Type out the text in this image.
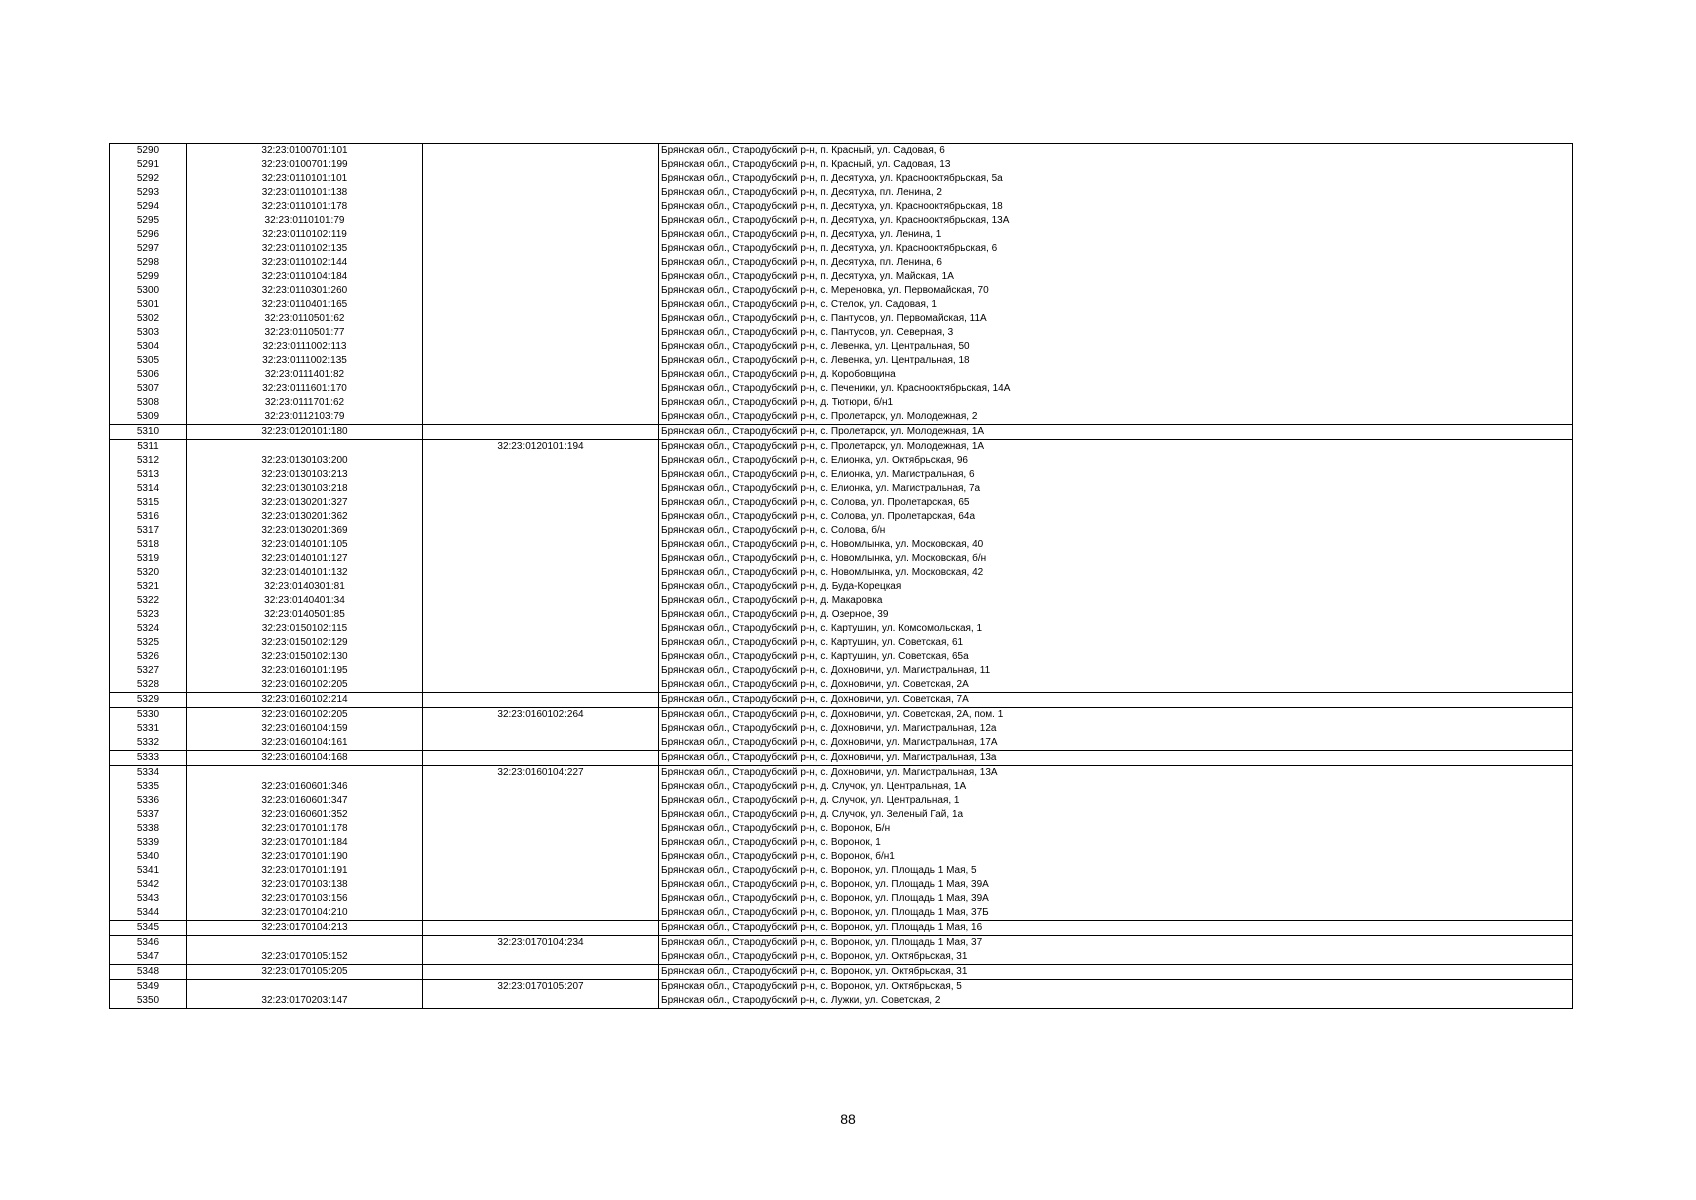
5290	32:23:0100701:101		Брянская обл., Стародубский р-н, п. Красный, ул. Садовая, 6
5291	32:23:0100701:199		Брянская обл., Стародубский р-н, п. Красный, ул. Садовая, 13
5292	32:23:0110101:101		Брянская обл., Стародубский р-н, п. Десятуха, ул. Краснооктябрьская, 5а
5293	32:23:0110101:138		Брянская обл., Стародубский р-н, п. Десятуха, пл. Ленина, 2
5294	32:23:0110101:178		Брянская обл., Стародубский р-н, п. Десятуха, ул. Краснооктябрьская, 18
5295	32:23:0110101:79		Брянская обл., Стародубский р-н, п. Десятуха, ул. Краснооктябрьская, 13А
5296	32:23:0110102:119		Брянская обл., Стародубский р-н, п. Десятуха, ул. Ленина, 1
5297	32:23:0110102:135		Брянская обл., Стародубский р-н, п. Десятуха, ул. Краснооктябрьская, 6
5298	32:23:0110102:144		Брянская обл., Стародубский р-н, п. Десятуха, пл. Ленина, 6
5299	32:23:0110104:184		Брянская обл., Стародубский р-н, п. Десятуха, ул. Майская, 1А
5300	32:23:0110301:260		Брянская обл., Стародубский р-н, с. Мереновка, ул. Первомайская, 70
5301	32:23:0110401:165		Брянская обл., Стародубский р-н, с. Стелок, ул. Садовая, 1
5302	32:23:0110501:62		Брянская обл., Стародубский р-н, с. Пантусов, ул. Первомайская, 11А
5303	32:23:0110501:77		Брянская обл., Стародубский р-н, с. Пантусов, ул. Северная, 3
5304	32:23:0111002:113		Брянская обл., Стародубский р-н, с. Левенка, ул. Центральная, 50
5305	32:23:0111002:135		Брянская обл., Стародубский р-н, с. Левенка, ул. Центральная, 18
5306	32:23:0111401:82		Брянская обл., Стародубский р-н, д. Коробовщина
5307	32:23:0111601:170		Брянская обл., Стародубский р-н, с. Печеники, ул. Краснооктябрьская, 14А
5308	32:23:0111701:62		Брянская обл., Стародубский р-н, д. Тютюри, б/н1
5309	32:23:0112103:79		Брянская обл., Стародубский р-н, с. Пролетарск, ул. Молодежная, 2
5310	32:23:0120101:180		Брянская обл., Стародубский р-н, с. Пролетарск, ул. Молодежная, 1А
5311		32:23:0120101:194	Брянская обл., Стародубский р-н, с. Пролетарск, ул. Молодежная, 1А
5312	32:23:0130103:200		Брянская обл., Стародубский р-н, с. Елионка, ул. Октябрьская, 96
5313	32:23:0130103:213		Брянская обл., Стародубский р-н, с. Елионка, ул. Магистральная, 6
5314	32:23:0130103:218		Брянская обл., Стародубский р-н, с. Елионка, ул. Магистральная, 7а
5315	32:23:0130201:327		Брянская обл., Стародубский р-н, с. Солова, ул. Пролетарская, 65
5316	32:23:0130201:362		Брянская обл., Стародубский р-н, с. Солова, ул. Пролетарская, 64а
5317	32:23:0130201:369		Брянская обл., Стародубский р-н, с. Солова, б/н
5318	32:23:0140101:105		Брянская обл., Стародубский р-н, с. Новомлынка, ул. Московская, 40
5319	32:23:0140101:127		Брянская обл., Стародубский р-н, с. Новомлынка, ул. Московская, б/н
5320	32:23:0140101:132		Брянская обл., Стародубский р-н, с. Новомлынка, ул. Московская, 42
5321	32:23:0140301:81		Брянская обл., Стародубский р-н, д. Буда-Корецкая
5322	32:23:0140401:34		Брянская обл., Стародубский р-н, д. Макаровка
5323	32:23:0140501:85		Брянская обл., Стародубский р-н, д. Озерное, 39
5324	32:23:0150102:115		Брянская обл., Стародубский р-н, с. Картушин, ул. Комсомольская, 1
5325	32:23:0150102:129		Брянская обл., Стародубский р-н, с. Картушин, ул. Советская, 61
5326	32:23:0150102:130		Брянская обл., Стародубский р-н, с. Картушин, ул. Советская, 65а
5327	32:23:0160101:195		Брянская обл., Стародубский р-н, с. Дохновичи, ул. Магистральная, 11
5328	32:23:0160102:205		Брянская обл., Стародубский р-н, с. Дохновичи, ул. Советская, 2А
5329	32:23:0160102:214		Брянская обл., Стародубский р-н, с. Дохновичи, ул. Советская, 7А
5330	32:23:0160102:205	32:23:0160102:264	Брянская обл., Стародубский р-н, с. Дохновичи, ул. Советская, 2А, пом. 1
5331	32:23:0160104:159		Брянская обл., Стародубский р-н, с. Дохновичи, ул. Магистральная, 12а
5332	32:23:0160104:161		Брянская обл., Стародубский р-н, с. Дохновичи, ул. Магистральная, 17А
5333	32:23:0160104:168		Брянская обл., Стародубский р-н, с. Дохновичи, ул. Магистральная, 13а
5334		32:23:0160104:227	Брянская обл., Стародубский р-н, с. Дохновичи, ул. Магистральная, 13А
5335	32:23:0160601:346		Брянская обл., Стародубский р-н, д. Случок, ул. Центральная, 1А
5336	32:23:0160601:347		Брянская обл., Стародубский р-н, д. Случок, ул. Центральная, 1
5337	32:23:0160601:352		Брянская обл., Стародубский р-н, д. Случок, ул. Зеленый Гай, 1а
5338	32:23:0170101:178		Брянская обл., Стародубский р-н, с. Воронок, Б/н
5339	32:23:0170101:184		Брянская обл., Стародубский р-н, с. Воронок, 1
5340	32:23:0170101:190		Брянская обл., Стародубский р-н, с. Воронок, б/н1
5341	32:23:0170101:191		Брянская обл., Стародубский р-н, с. Воронок, ул. Площадь 1 Мая, 5
5342	32:23:0170103:138		Брянская обл., Стародубский р-н, с. Воронок, ул. Площадь 1 Мая, 39А
5343	32:23:0170103:156		Брянская обл., Стародубский р-н, с. Воронок, ул. Площадь 1 Мая, 39А
5344	32:23:0170104:210		Брянская обл., Стародубский р-н, с. Воронок, ул. Площадь 1 Мая, 37Б
5345	32:23:0170104:213		Брянская обл., Стародубский р-н, с. Воронок, ул. Площадь 1 Мая, 16
5346		32:23:0170104:234	Брянская обл., Стародубский р-н, с. Воронок, ул. Площадь 1 Мая, 37
5347	32:23:0170105:152		Брянская обл., Стародубский р-н, с. Воронок, ул. Октябрьская, 31
5348	32:23:0170105:205		Брянская обл., Стародубский р-н, с. Воронок, ул. Октябрьская, 31
5349		32:23:0170105:207	Брянская обл., Стародубский р-н, с. Воронок, ул. Октябрьская, 5
5350	32:23:0170203:147		Брянская обл., Стародубский р-н, с. Лужки, ул. Советская, 2
88
